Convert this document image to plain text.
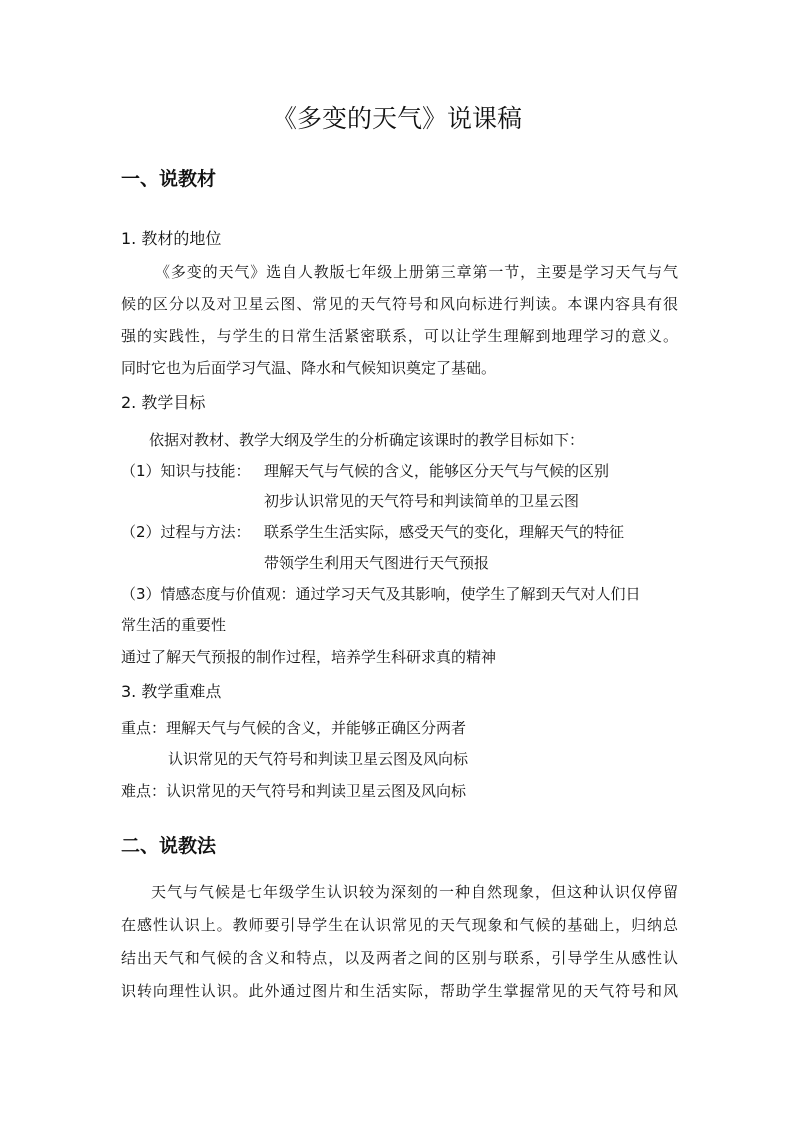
《多变的天气》说课稿
一、说教材
1. 教材的地位
《多变的天气》选自人教版七年级上册第三章第一节，主要是学习天气与气
候的区分以及对卫星云图、常见的天气符号和风向标进行判读。本课内容具有很
强的实践性，与学生的日常生活紧密联系，可以让学生理解到地理学习的意义。
同时它也为后面学习气温、降水和气候知识奠定了基础。
2. 教学目标
依据对教材、教学大纲及学生的分析确定该课时的教学目标如下：
（1）知识与技能： 理解天气与气候的含义，能够区分天气与气候的区别
初步认识常见的天气符号和判读简单的卫星云图
（2）过程与方法： 联系学生生活实际，感受天气的变化，理解天气的特征
带领学生利用天气图进行天气预报
（3）情感态度与价值观：通过学习天气及其影响，使学生了解到天气对人们日
常生活的重要性
通过了解天气预报的制作过程，培养学生科研求真的精神
3. 教学重难点
重点：理解天气与气候的含义，并能够正确区分两者
认识常见的天气符号和判读卫星云图及风向标
难点：认识常见的天气符号和判读卫星云图及风向标
二、说教法
天气与气候是七年级学生认识较为深刻的一种自然现象，但这种认识仅停留
在感性认识上。教师要引导学生在认识常见的天气现象和气候的基础上，归纳总
结出天气和气候的含义和特点，以及两者之间的区别与联系，引导学生从感性认
识转向理性认识。此外通过图片和生活实际，帮助学生掌握常见的天气符号和风
